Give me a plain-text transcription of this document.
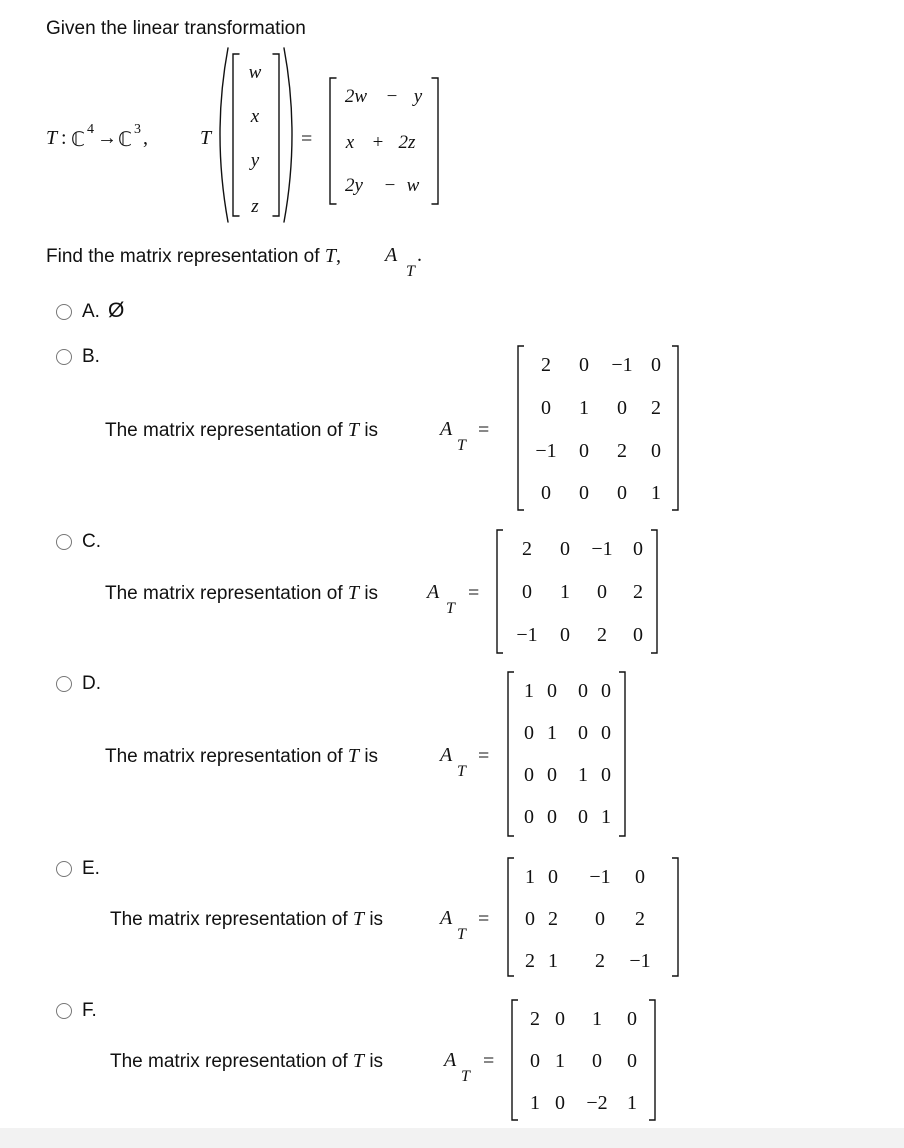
Given the linear transformation
T : ℂ 4 → ℂ 3 ,	T
w
x
y
z
=
2w − y
x + 2z
2y − w
Find the matrix representation of T, A
T
.
A. Ø
B.
The matrix representation of T is	A
T
=
2 0 −1 0
0 1 0 2
−1 0 2 0
0 0 0 1
C.
The matrix representation of T is A
T
=
2 0 −1 0
0 1 0 2
−1 0 2 0
D.
The matrix representation of T is	A
T
=
1 0 0 0
0 1 0 0
0 0 1 0
0 0 0 1
E.
The matrix representation of T is	A
T
=
1 0 −1 0
0 2 0 2
2 1 2 −1
F.
The matrix representation of T is	A
T
=
2 0 1 0
0 1 0 0
1 0 −2 1
